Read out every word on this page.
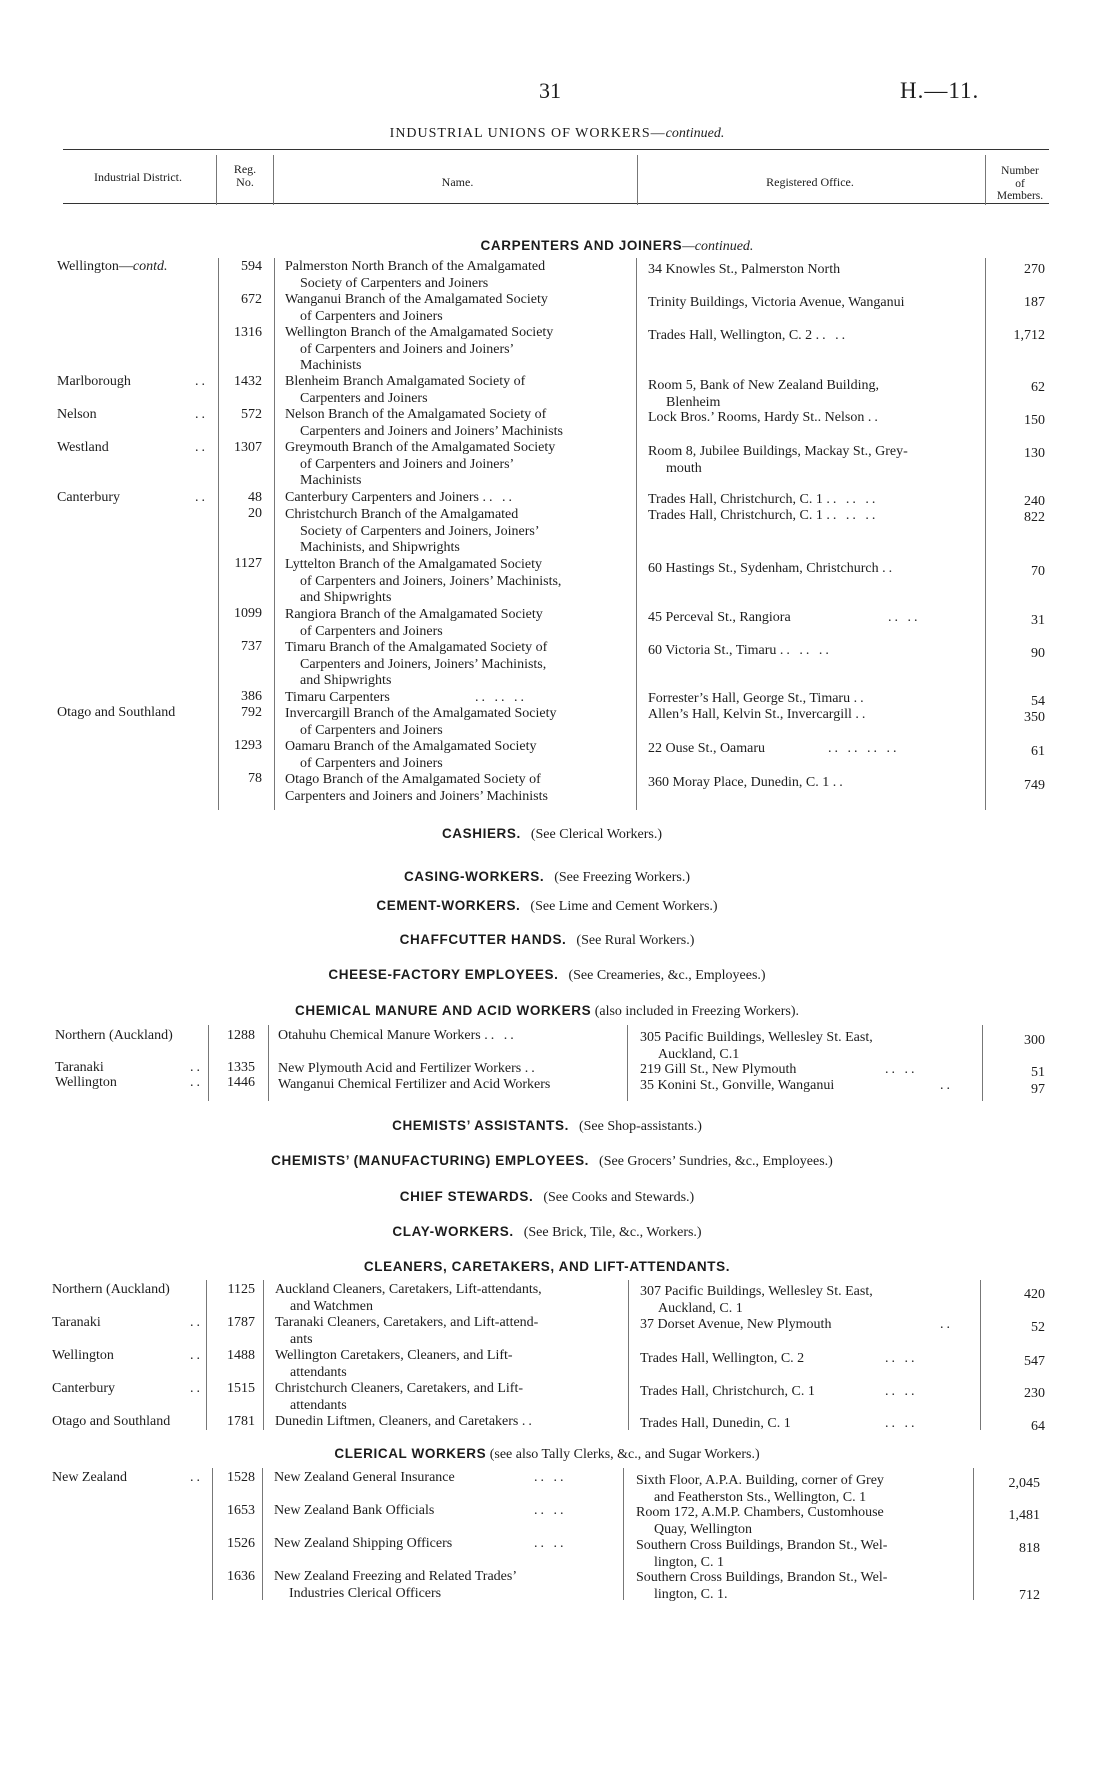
31	H.—11.
INDUSTRIAL UNIONS OF WORKERS—continued.
Industrial District.
Reg.
No.	Name.	Registered Office.
Number
of
Members.
CARPENTERS AND JOINERS—continued.
Wellington—contd.	594 Palmerston North Branch of the Amalgamated
Society of Carpenters and Joiners
34 Knowles St., Palmerston North	270
672 Wanganui Branch of the Amalgamated Society
of Carpenters and Joiners
Trinity Buildings, Victoria Avenue, Wanganui	187
1316 Wellington Branch of the Amalgamated Society
of Carpenters and Joiners and Joiners’
Machinists
Trades Hall, Wellington, C. 2 .. ..	1,712
Marlborough	..	1432 Blenheim Branch Amalgamated Society of
Carpenters and Joiners
Room 5, Bank of New Zealand Building,
Blenheim
62
Nelson	..	572 Nelson Branch of the Amalgamated Society of
Carpenters and Joiners and Joiners’ Machinists
Lock Bros.’ Rooms, Hardy St.. Nelson ..	150
Westland	..	1307 Greymouth Branch of the Amalgamated Society
of Carpenters and Joiners and Joiners’
Machinists
Room 8, Jubilee Buildings, Mackay St., Grey-
mouth
130
Canterbury	..	48 Canterbury Carpenters and Joiners .. ..	Trades Hall, Christchurch, C. 1 .. .. ..	240
20 Christchurch Branch of the Amalgamated
Society of Carpenters and Joiners, Joiners’
Machinists, and Shipwrights
Trades Hall, Christchurch, C. 1 .. .. ..	822
1127 Lyttelton Branch of the Amalgamated Society
of Carpenters and Joiners, Joiners’ Machinists,
and Shipwrights
60 Hastings St., Sydenham, Christchurch ..	70
1099 Rangiora Branch of the Amalgamated Society
of Carpenters and Joiners
45 Perceval St., Rangiora	.. ..	31
737 Timaru Branch of the Amalgamated Society of
Carpenters and Joiners, Joiners’ Machinists,
and Shipwrights
60 Victoria St., Timaru .. .. ..	90
386 Timaru Carpenters	.. .. ..	Forrester’s Hall, George St., Timaru ..	54
Otago and Southland	792 Invercargill Branch of the Amalgamated Society
of Carpenters and Joiners
Allen’s Hall, Kelvin St., Invercargill ..	350
1293 Oamaru Branch of the Amalgamated Society
of Carpenters and Joiners
22 Ouse St., Oamaru	.. .. .. ..	61
78 Otago Branch of the Amalgamated Society of
Carpenters and Joiners and Joiners’ Machinists
360 Moray Place, Dunedin, C. 1 ..	749
CASHIERS. (See Clerical Workers.)
CASING-WORKERS. (See Freezing Workers.)
CEMENT-WORKERS. (See Lime and Cement Workers.)
CHAFFCUTTER HANDS. (See Rural Workers.)
CHEESE-FACTORY EMPLOYEES. (See Creameries, &c., Employees.)
CHEMICAL MANURE AND ACID WORKERS (also included in Freezing Workers).
Northern (Auckland)	1288 Otahuhu Chemical Manure Workers .. ..	305 Pacific Buildings, Wellesley St. East,
Auckland, C.1
300
Taranaki	..	1335 New Plymouth Acid and Fertilizer Workers ..	219 Gill St., New Plymouth	.. ..	51
Wellington	..	1446 Wanganui Chemical Fertilizer and Acid Workers	35 Konini St., Gonville, Wanganui	..	97
CHEMISTS’ ASSISTANTS. (See Shop-assistants.)
CHEMISTS’ (MANUFACTURING) EMPLOYEES. (See Grocers’ Sundries, &c., Employees.)
CHIEF STEWARDS. (See Cooks and Stewards.)
CLAY-WORKERS. (See Brick, Tile, &c., Workers.)
CLEANERS, CARETAKERS, AND LIFT-ATTENDANTS.
Northern (Auckland)	1125 Auckland Cleaners, Caretakers, Lift-attendants,
and Watchmen
307 Pacific Buildings, Wellesley St. East,
Auckland, C. 1
420
Taranaki	..	1787 Taranaki Cleaners, Caretakers, and Lift-attend-
ants
37 Dorset Avenue, New Plymouth	..	52
Wellington	..	1488 Wellington Caretakers, Cleaners, and Lift-
attendants
Trades Hall, Wellington, C. 2	.. ..	547
Canterbury	..	1515 Christchurch Cleaners, Caretakers, and Lift-
attendants
Trades Hall, Christchurch, C. 1	.. ..	230
Otago and Southland	1781 Dunedin Liftmen, Cleaners, and Caretakers ..	Trades Hall, Dunedin, C. 1	.. ..	64
CLERICAL WORKERS (see also Tally Clerks, &c., and Sugar Workers.)
New Zealand	..	1528 New Zealand General Insurance	.. ..	Sixth Floor, A.P.A. Building, corner of Grey
and Featherston Sts., Wellington, C. 1
2,045
1653 New Zealand Bank Officials	.. ..	Room 172, A.M.P. Chambers, Customhouse
Quay, Wellington
1,481
1526 New Zealand Shipping Officers	.. ..	Southern Cross Buildings, Brandon St., Wel-
lington, C. 1
818
1636 New Zealand Freezing and Related Trades’
Industries Clerical Officers
Southern Cross Buildings, Brandon St., Wel-
lington, C. 1.	712
